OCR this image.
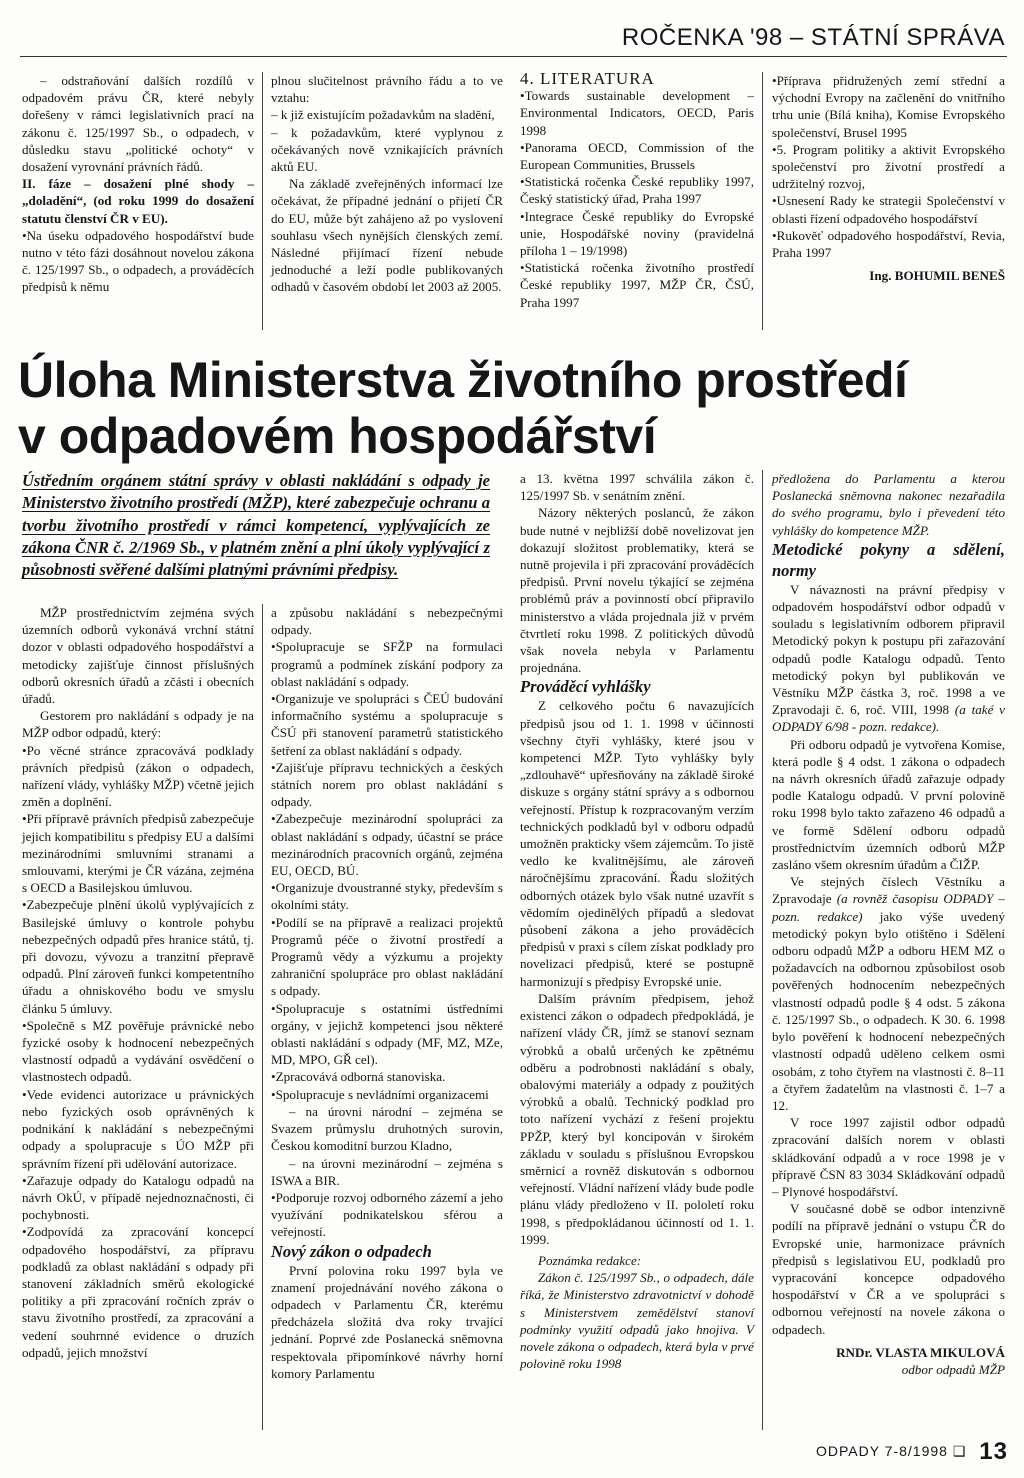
ROČENKA '98 – STÁTNÍ SPRÁVA

– odstraňování dalších rozdílů v odpadovém právu ČR, které nebyly dořešeny v rámci legislativních prací na zákonu č. 125/1997 Sb., o odpadech, v důsledku stavu „politické ochoty“ v dosažení vyrovnání právních řádů.

II. fáze – dosažení plné shody – „doladění“, (od roku 1999 do dosažení statutu členství ČR v EU).

• Na úseku odpadového hospodářství bude nutno v této fázi dosáhnout novelou zákona č. 125/1997 Sb., o odpadech, a prováděcích předpisů k němu

plnou slučitelnost právního řádu a to ve vztahu:

– k již existujícím požadavkům na sladění,

– k požadavkům, které vyplynou z očekávaných nově vznikajících právních aktů EU.

Na základě zveřejněných informací lze očekávat, že případné jednání o přijetí ČR do EU, může být zahájeno až po vyslovení souhlasu všech nynějších členských zemí. Následné přijímací řízení nebude jednoduché a leží podle publikovaných odhadů v časovém období let 2003 až 2005.

4. LITERATURA

• Towards sustainable development – Environmental Indicators, OECD, Paris 1998

• Panorama OECD, Commission of the European Communities, Brussels

• Statistická ročenka České republiky 1997, Český statistický úřad, Praha 1997

• Integrace České republiky do Evropské unie, Hospodářské noviny (pravidelná příloha 1 – 19/1998)

• Statistická ročenka životního prostředí České republiky 1997, MŽP ČR, ČSÚ, Praha 1997

• Příprava přidružených zemí střední a východní Evropy na začlenění do vnitřního trhu unie (Bílá kniha), Komise Evropského společenství, Brusel 1995

• 5. Program politiky a aktivit Evropského společenství pro životní prostředí a udržitelný rozvoj,

• Usnesení Rady ke strategii Společenství v oblasti řízení odpadového hospodářství

• Rukověť odpadového hospodářství, Revia, Praha 1997

Ing. BOHUMIL BENEŠ

Úloha Ministerstva životního prostředí
v odpadovém hospodářství
Ústředním orgánem státní správy v oblasti nakládání s odpady je Ministerstvo životního prostředí (MŽP), které zabezpečuje ochranu a tvorbu životního prostředí v rámci kompetencí, vyplývajících ze zákona ČNR č. 2/1969 Sb., v platném znění a plní úkoly vyplývající z působnosti svěřené dalšími platnými právními předpisy.

MŽP prostřednictvím zejména svých územních odborů vykonává vrchní státní dozor v oblasti odpadového hospodářství a metodicky zajišťuje činnost příslušných odborů okresních úřadů a zčásti i obecních úřadů.

Gestorem pro nakládání s odpady je na MŽP odbor odpadů, který:

• Po věcné stránce zpracovává podklady právních předpisů (zákon o odpadech, nařízení vlády, vyhlášky MŽP) včetně jejich změn a doplnění.

• Při přípravě právních předpisů zabezpečuje jejich kompatibilitu s předpisy EU a dalšími mezinárodními smluvními stranami a smlouvami, kterými je ČR vázána, zejména s OECD a Basilejskou úmluvou.

• Zabezpečuje plnění úkolů vyplývajících z Basilejské úmluvy o kontrole pohybu nebezpečných odpadů přes hranice států, tj. při dovozu, vývozu a tranzitní přepravě odpadů. Plní zároveň funkci kompetentního úřadu a ohniskového bodu ve smyslu článku 5 úmluvy.

• Společně s MZ pověřuje právnické nebo fyzické osoby k hodnocení nebezpečných vlastností odpadů a vydávání osvědčení o vlastnostech odpadů.

• Vede evidenci autorizace u právnických nebo fyzických osob oprávněných k podnikání k nakládání s nebezpečnými odpady a spolupracuje s ÚO MŽP při správním řízení při udělování autorizace.

• Zařazuje odpady do Katalogu odpadů na návrh OkÚ, v případě nejednoznačnosti, či pochybnosti.

• Zodpovídá za zpracování koncepcí odpadového hospodářství, za přípravu podkladů za oblast nakládání s odpady při stanovení základních směrů ekologické politiky a při zpracování ročních zpráv o stavu životního prostředí, za zpracování a vedení souhrnné evidence o druzích odpadů, jejich množství

a způsobu nakládání s nebezpečnými odpady.

• Spolupracuje se SFŽP na formulaci programů a podmínek získání podpory za oblast nakládání s odpady.

• Organizuje ve spolupráci s ČEÚ budování informačního systému a spolupracuje s ČSÚ při stanovení parametrů statistického šetření za oblast nakládání s odpady.

• Zajišťuje přípravu technických a českých státních norem pro oblast nakládání s odpady.

• Zabezpečuje mezinárodní spolupráci za oblast nakládání s odpady, účastní se práce mezinárodních pracovních orgánů, zejména EU, OECD, BÚ.

• Organizuje dvoustranné styky, především s okolními státy.

• Podílí se na přípravě a realizaci projektů Programů péče o životní prostředí a Programů vědy a výzkumu a projekty zahraniční spolupráce pro oblast nakládání s odpady.

• Spolupracuje s ostatními ústředními orgány, v jejichž kompetenci jsou některé oblasti nakládání s odpady (MF, MZ, MZe, MD, MPO, GŘ cel).

• Zpracovává odborná stanoviska.

• Spolupracuje s nevládními organizacemi

– na úrovni národní – zejména se Svazem průmyslu druhotných surovin, Českou komoditní burzou Kladno,

– na úrovni mezinárodní – zejména s ISWA a BIR.

• Podporuje rozvoj odborného zázemí a jeho využívání podnikatelskou sférou a veřejností.

Nový zákon o odpadech

První polovina roku 1997 byla ve znamení projednávání nového zákona o odpadech v Parlamentu ČR, kterému předcházela složitá dva roky trvající jednání. Poprvé zde Poslanecká sněmovna respektovala připomínkové návrhy horní komory Parlamentu

a 13. května 1997 schválila zákon č. 125/1997 Sb. v senátním znění.

Názory některých poslanců, že zákon bude nutné v nejbližší době novelizovat jen dokazují složitost problematiky, která se nutně projevila i při zpracování prováděcích předpisů. První novelu týkající se zejména problémů práv a povinností obcí připravilo ministerstvo a vláda projednala již v prvém čtvrtletí roku 1998. Z politických důvodů však novela nebyla v Parlamentu projednána.

Prováděcí vyhlášky

Z celkového počtu 6 navazujících předpisů jsou od 1. 1. 1998 v účinnosti všechny čtyři vyhlášky, které jsou v kompetenci MŽP. Tyto vyhlášky byly „zdlouhavě“ upřesňovány na základě široké diskuze s orgány státní správy a s odbornou veřejností. Přístup k rozpracovaným verzím technických podkladů byl v odboru odpadů umožněn prakticky všem zájemcům. To jistě vedlo ke kvalitnějšímu, ale zároveň náročnějšímu zpracování. Řadu složitých odborných otázek bylo však nutné uzavřít s vědomím ojedinělých případů a sledovat působení zákona a jeho prováděcích předpisů v praxi s cílem získat podklady pro novelizaci předpisů, které se postupně harmonizují s předpisy Evropské unie.

Dalším právním předpisem, jehož existenci zákon o odpadech předpokládá, je nařízení vlády ČR, jímž se stanoví seznam výrobků a obalů určených ke zpětnému odběru a podrobnosti nakládání s obaly, obalovými materiály a odpady z použitých výrobků a obalů. Technický podklad pro toto nařízení vychází z řešení projektu PPŽP, který byl koncipován v širokém základu v souladu s příslušnou Evropskou směrnicí a rovněž diskutován s odbornou veřejností. Vládní nařízení vlády bude podle plánu vlády předloženo v II. pololetí roku 1998, s předpokládanou účinností od 1. 1. 1999.

Poznámka redakce:

Zákon č. 125/1997 Sb., o odpadech, dále říká, že Ministerstvo zdravotnictví v dohodě s Ministerstvem zemědělství stanoví podmínky využití odpadů jako hnojiva. V novele zákona o odpadech, která byla v prvé polovině roku 1998

předložena do Parlamentu a kterou Poslanecká sněmovna nakonec nezařadila do svého programu, bylo i převedení této vyhlášky do kompetence MŽP.

Metodické pokyny a sdělení, normy

V návaznosti na právní předpisy v odpadovém hospodářství odbor odpadů v souladu s legislativním odborem připravil Metodický pokyn k postupu při zařazování odpadů podle Katalogu odpadů. Tento metodický pokyn byl publikován ve Věstníku MŽP částka 3, roč. 1998 a ve Zpravodaji č. 6, roč. VIII, 1998 (a také v ODPADY 6/98 - pozn. redakce).

Při odboru odpadů je vytvořena Komise, která podle § 4 odst. 1 zákona o odpadech na návrh okresních úřadů zařazuje odpady podle Katalogu odpadů. V první polovině roku 1998 bylo takto zařazeno 46 odpadů a ve formě Sdělení odboru odpadů prostřednictvím územních odborů MŽP zasláno všem okresním úřadům a ČIŽP.

Ve stejných číslech Věstníku a Zpravodaje (a rovněž časopisu ODPADY – pozn. redakce) jako výše uvedený metodický pokyn bylo otištěno i Sdělení odboru odpadů MŽP a odboru HEM MZ o požadavcích na odbornou způsobilost osob pověřených hodnocením nebezpečných vlastností odpadů podle § 4 odst. 5 zákona č. 125/1997 Sb., o odpadech. K 30. 6. 1998 bylo pověření k hodnocení nebezpečných vlastností odpadů uděleno celkem osmi osobám, z toho čtyřem na vlastnosti č. 8–11 a čtyřem žadatelům na vlastnosti č. 1–7 a 12.

V roce 1997 zajistil odbor odpadů zpracování dalších norem v oblasti skládkování odpadů a v roce 1998 je v přípravě ČSN 83 3034 Skládkování odpadů – Plynové hospodářství.

V současné době se odbor intenzivně podílí na přípravě jednání o vstupu ČR do Evropské unie, harmonizace právních předpisů s legislativou EU, podkladů pro vypracování koncepce odpadového hospodářství v ČR a ve spolupráci s odbornou veřejností na novele zákona o odpadech.

RNDr. VLASTA MIKULOVÁ

odbor odpadů MŽP

ODPADY 7-8/1998 ❑ 13
